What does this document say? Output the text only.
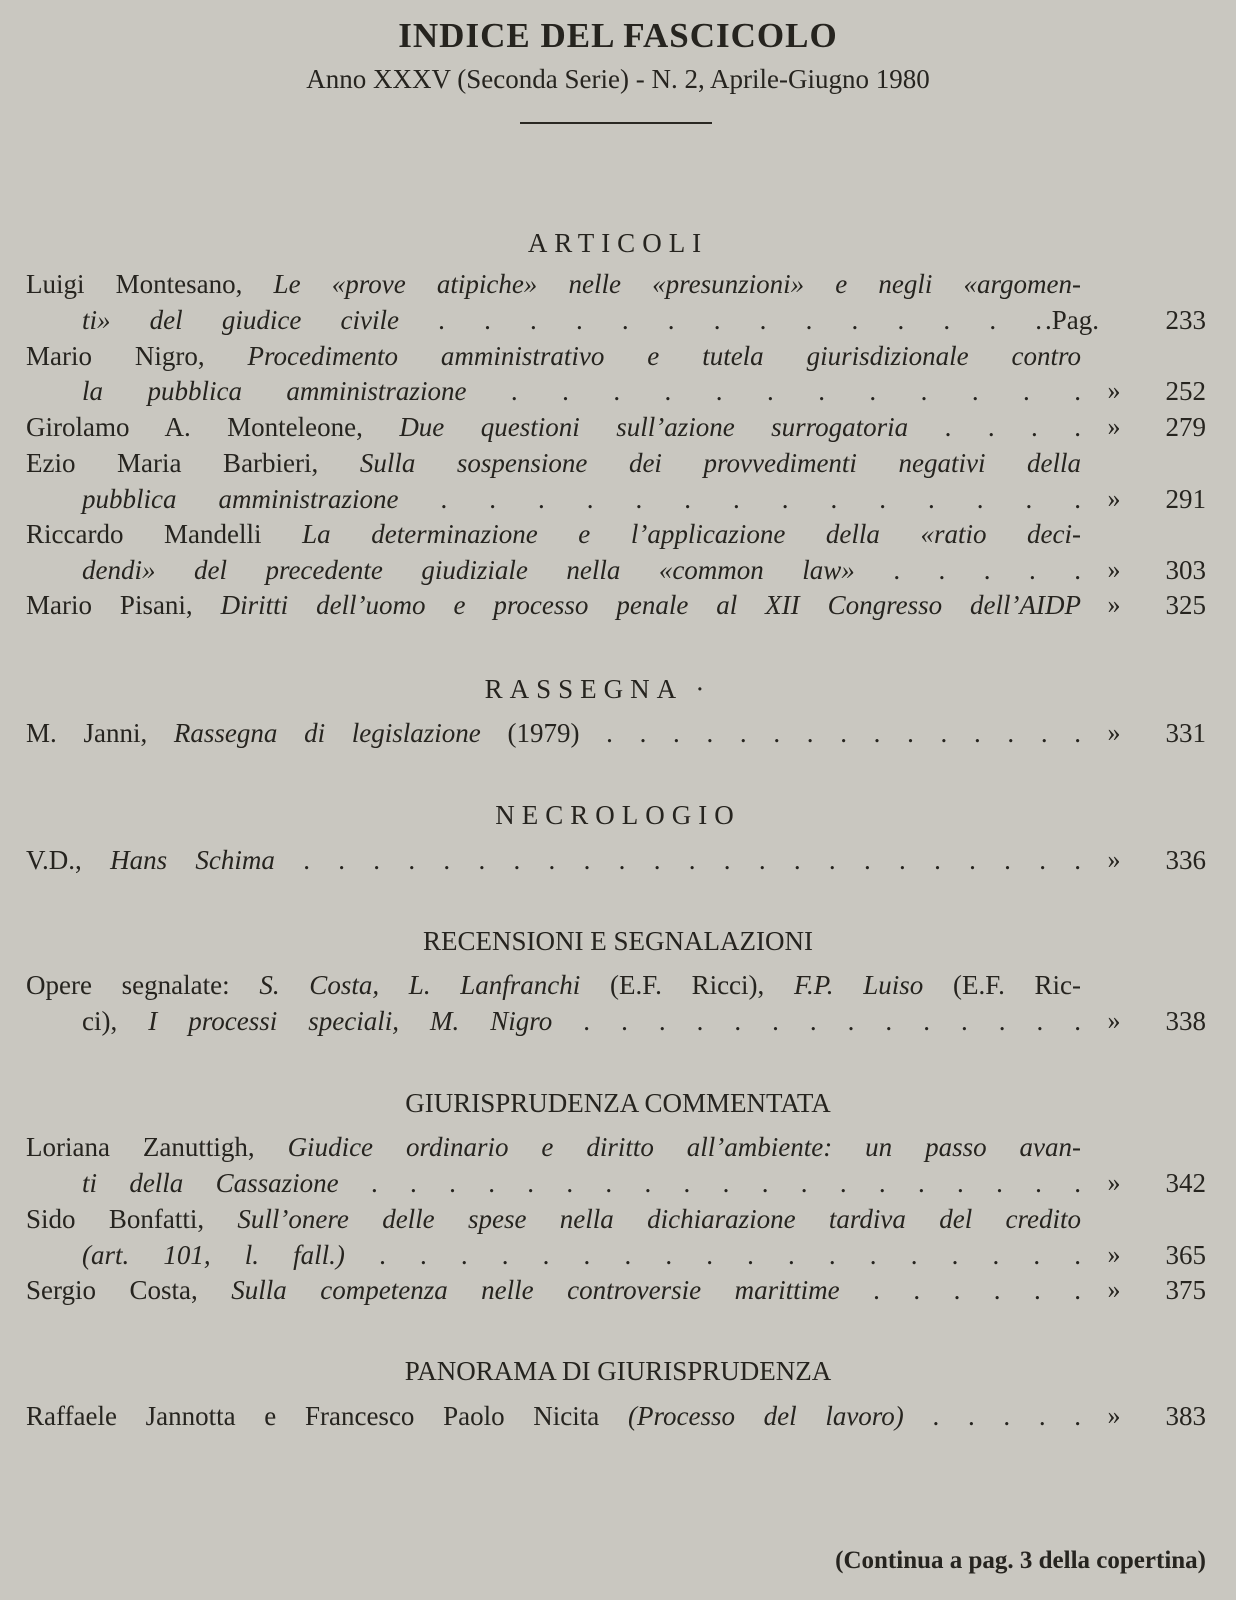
INDICE DEL FASCICOLO
Anno XXXV (Seconda Serie) - N. 2, Aprile-Giugno 1980
ARTICOLI
Luigi Montesano, Le «prove atipiche» nelle «presunzioni» e negli «argomen-
ti» del giudice civile . . . . . . . . . . . . . . .Pag.	233
Mario Nigro, Procedimento amministrativo e tutela giurisdizionale contro
la pubblica amministrazione . . . . . . . . . . . . »	252
Girolamo A. Monteleone, Due questioni sull’azione surrogatoria . . . . »	279
Ezio Maria Barbieri, Sulla sospensione dei provvedimenti negativi della
pubblica amministrazione . . . . . . . . . . . . . . »	291
Riccardo Mandelli La determinazione e l’applicazione della «ratio deci-
dendi» del precedente giudiziale nella «common law» . . . . . »	303
Mario Pisani, Diritti dell’uomo e processo penale al XII Congresso dell’AIDP »	325
RASSEGNA ·
M. Janni, Rassegna di legislazione (1979) . . . . . . . . . . . . . . . »	331
NECROLOGIO
V.D., Hans Schima . . . . . . . . . . . . . . . . . . . . . . . »	336
RECENSIONI E SEGNALAZIONI
Opere segnalate: S. Costa, L. Lanfranchi (E.F. Ricci), F.P. Luiso (E.F. Ric-
ci), I processi speciali, M. Nigro . . . . . . . . . . . . . . »	338
GIURISPRUDENZA COMMENTATA
Loriana Zanuttigh, Giudice ordinario e diritto all’ambiente: un passo avan-
ti della Cassazione . . . . . . . . . . . . . . . . . . . »	342
Sido Bonfatti, Sull’onere delle spese nella dichiarazione tardiva del credito
(art. 101, l. fall.) . . . . . . . . . . . . . . . . . . »	365
Sergio Costa, Sulla competenza nelle controversie marittime . . . . . . »	375
PANORAMA DI GIURISPRUDENZA
Raffaele Jannotta e Francesco Paolo Nicita (Processo del lavoro) . . . . . »	383
(Continua a pag. 3 della copertina)
